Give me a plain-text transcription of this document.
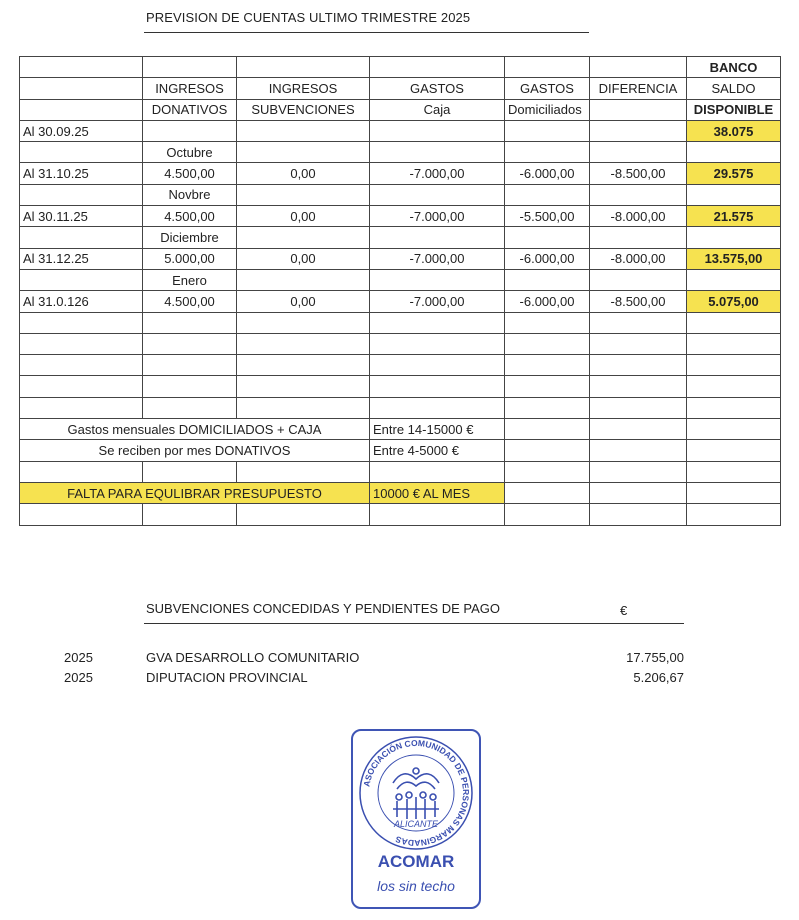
PREVISION DE CUENTAS ULTIMO TRIMESTRE 2025
						BANCO
	INGRESOS	INGRESOS	GASTOS	GASTOS	DIFERENCIA	SALDO
	DONATIVOS	SUBVENCIONES	Caja	Domiciliados		DISPONIBLE
Al 30.09.25						38.075
	Octubre					
Al 31.10.25	4.500,00	0,00	-7.000,00	-6.000,00	-8.500,00	29.575
	Novbre					
Al 30.11.25	4.500,00	0,00	-7.000,00	-5.500,00	-8.000,00	21.575
	Diciembre					
Al 31.12.25	5.000,00	0,00	-7.000,00	-6.000,00	-8.000,00	13.575,00
	Enero					
Al 31.0.126	4.500,00	0,00	-7.000,00	-6.000,00	-8.500,00	5.075,00

Gastos mensuales DOMICILIADOS + CAJA			Entre 14-15000 €			
Se reciben por mes DONATIVOS			Entre 4-5000 €			

FALTA PARA EQULIBRAR PRESUPUESTO			10000 € AL MES			

SUBVENCIONES CONCEDIDAS Y PENDIENTES DE PAGO	€
2025	GVA DESARROLLO COMUNITARIO	17.755,00
2025	DIPUTACION PROVINCIAL	5.206,67
ASOCIACIÓN COMUNIDAD DE PERSONAS MARGINADAS
ALICANTE
ACOMAR
los sin techo
